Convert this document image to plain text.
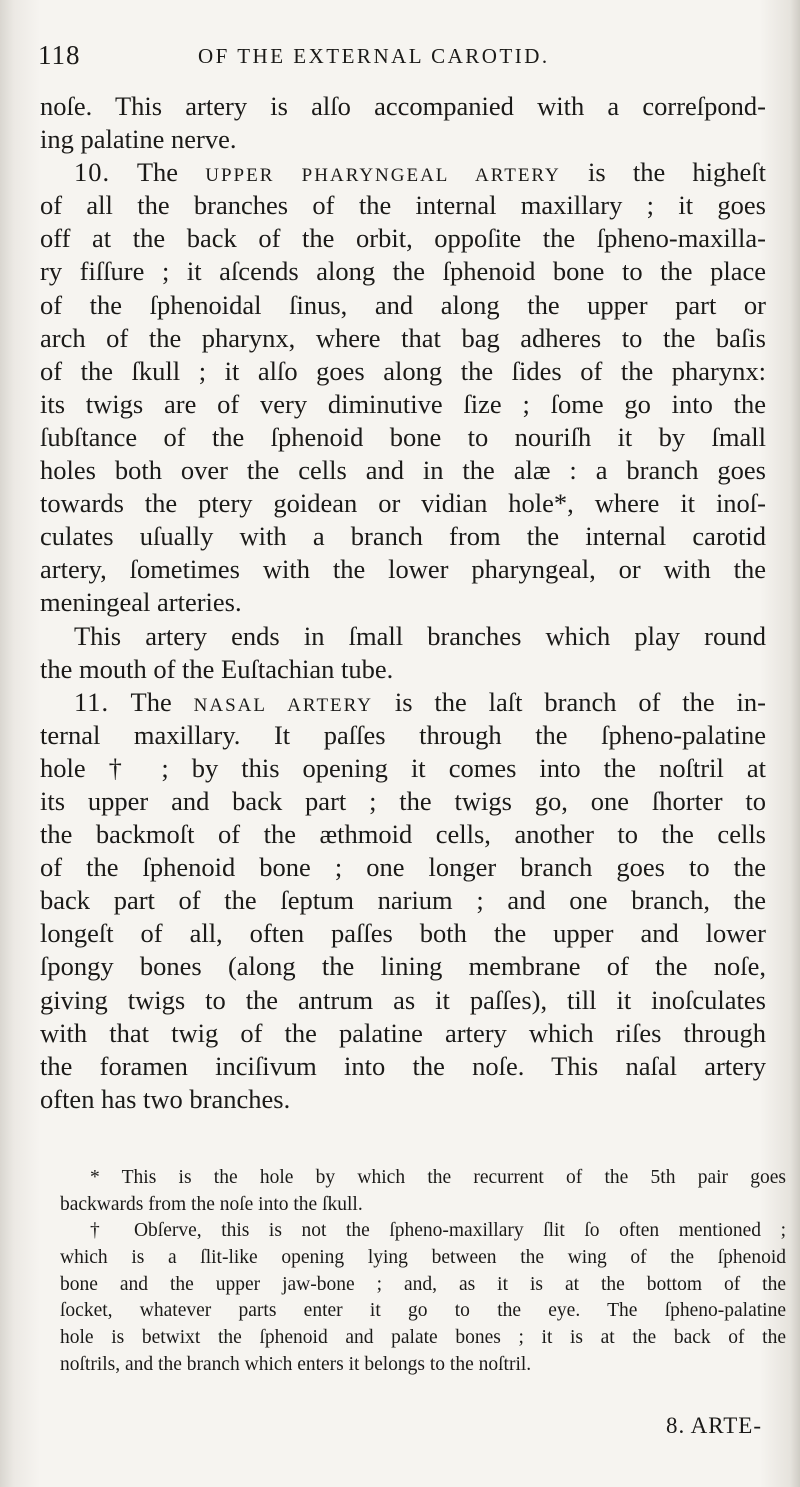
118	OF THE EXTERNAL CAROTID.
noſe. This artery is alſo accompanied with a correſpond-
ing palatine nerve.
10. The UPPER PHARYNGEAL ARTERY is the higheſt
of all the branches of the internal maxillary ; it goes
off at the back of the orbit, oppoſite the ſpheno-maxilla-
ry fiſſure ; it aſcends along the ſphenoid bone to the place
of the ſphenoidal ſinus, and along the upper part or
arch of the pharynx, where that bag adheres to the baſis
of the ſkull ; it alſo goes along the ſides of the pharynx:
its twigs are of very diminutive ſize ; ſome go into the
ſubſtance of the ſphenoid bone to nouriſh it by ſmall
holes both over the cells and in the alæ : a branch goes
towards the ptery goidean or vidian hole*, where it inoſ-
culates uſually with a branch from the internal carotid
artery, ſometimes with the lower pharyngeal, or with the
meningeal arteries.
This artery ends in ſmall branches which play round
the mouth of the Euſtachian tube.
11. The NASAL ARTERY is the laſt branch of the in-
ternal maxillary. It paſſes through the ſpheno-palatine
hole † ; by this opening it comes into the noſtril at
its upper and back part ; the twigs go, one ſhorter to
the backmoſt of the æthmoid cells, another to the cells
of the ſphenoid bone ; one longer branch goes to the
back part of the ſeptum narium ; and one branch, the
longeſt of all, often paſſes both the upper and lower
ſpongy bones (along the lining membrane of the noſe,
giving twigs to the antrum as it paſſes), till it inoſculates
with that twig of the palatine artery which riſes through
the foramen inciſivum into the noſe. This naſal artery
often has two branches.
* This is the hole by which the recurrent of the 5th pair goes
backwards from the noſe into the ſkull.
† Obſerve, this is not the ſpheno-maxillary ſlit ſo often mentioned ;
which is a ſlit-like opening lying between the wing of the ſphenoid
bone and the upper jaw-bone ; and, as it is at the bottom of the
ſocket, whatever parts enter it go to the eye. The ſpheno-palatine
hole is betwixt the ſphenoid and palate bones ; it is at the back of the
noſtrils, and the branch which enters it belongs to the noſtril.
8. ARTE-
